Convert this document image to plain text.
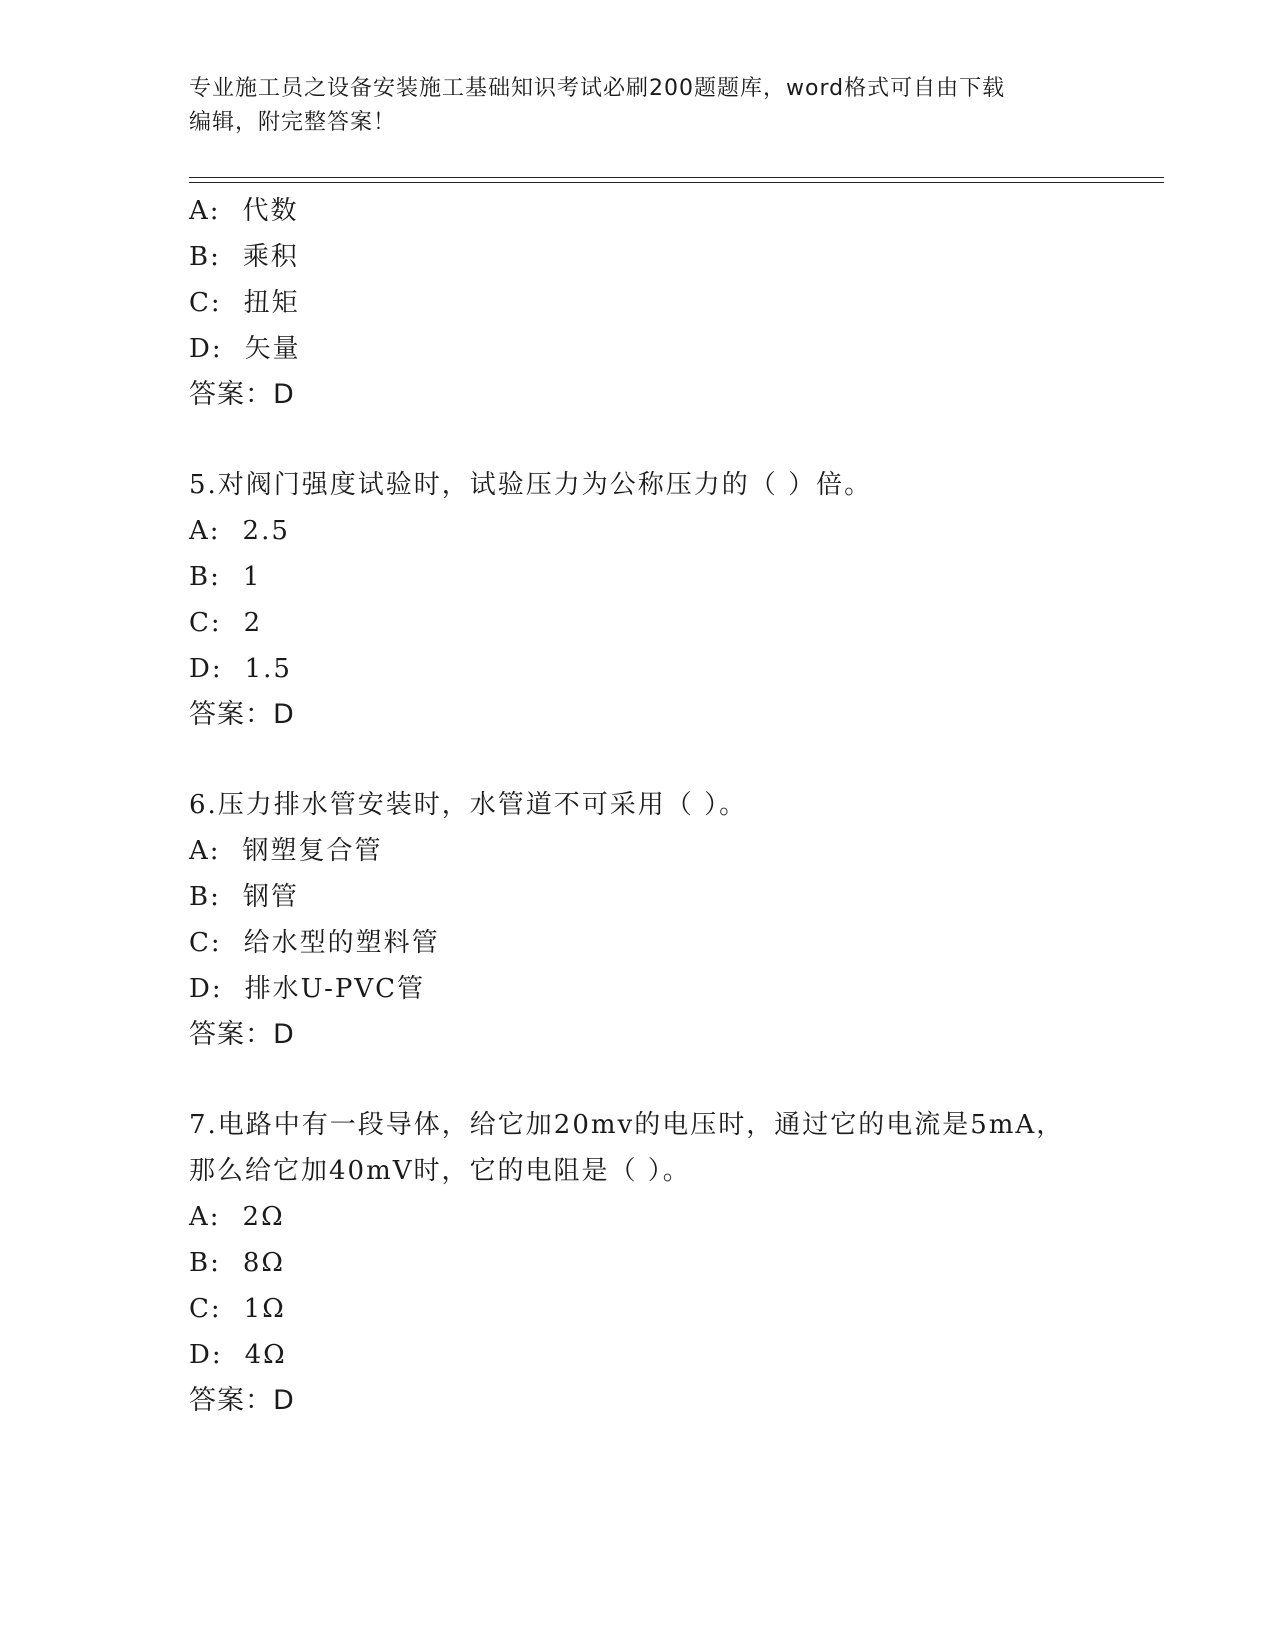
专业施工员之设备安装施工基础知识考试必刷200题题库，word格式可自由下载
编辑，附完整答案！
A: 代数
B: 乘积
C: 扭矩
D: 矢量
答案：D
5.对阀门强度试验时，试验压力为公称压力的（ ）倍。
A: 2.5
B: 1
C: 2
D: 1.5
答案：D
6.压力排水管安装时，水管道不可采用（ ）。
A: 钢塑复合管
B: 钢管
C: 给水型的塑料管
D: 排水U-PVC管
答案：D
7.电路中有一段导体，给它加20mv的电压时，通过它的电流是5mA，
那么给它加40mV时，它的电阻是（ ）。
A: 2Ω
B: 8Ω
C: 1Ω
D: 4Ω
答案：D
